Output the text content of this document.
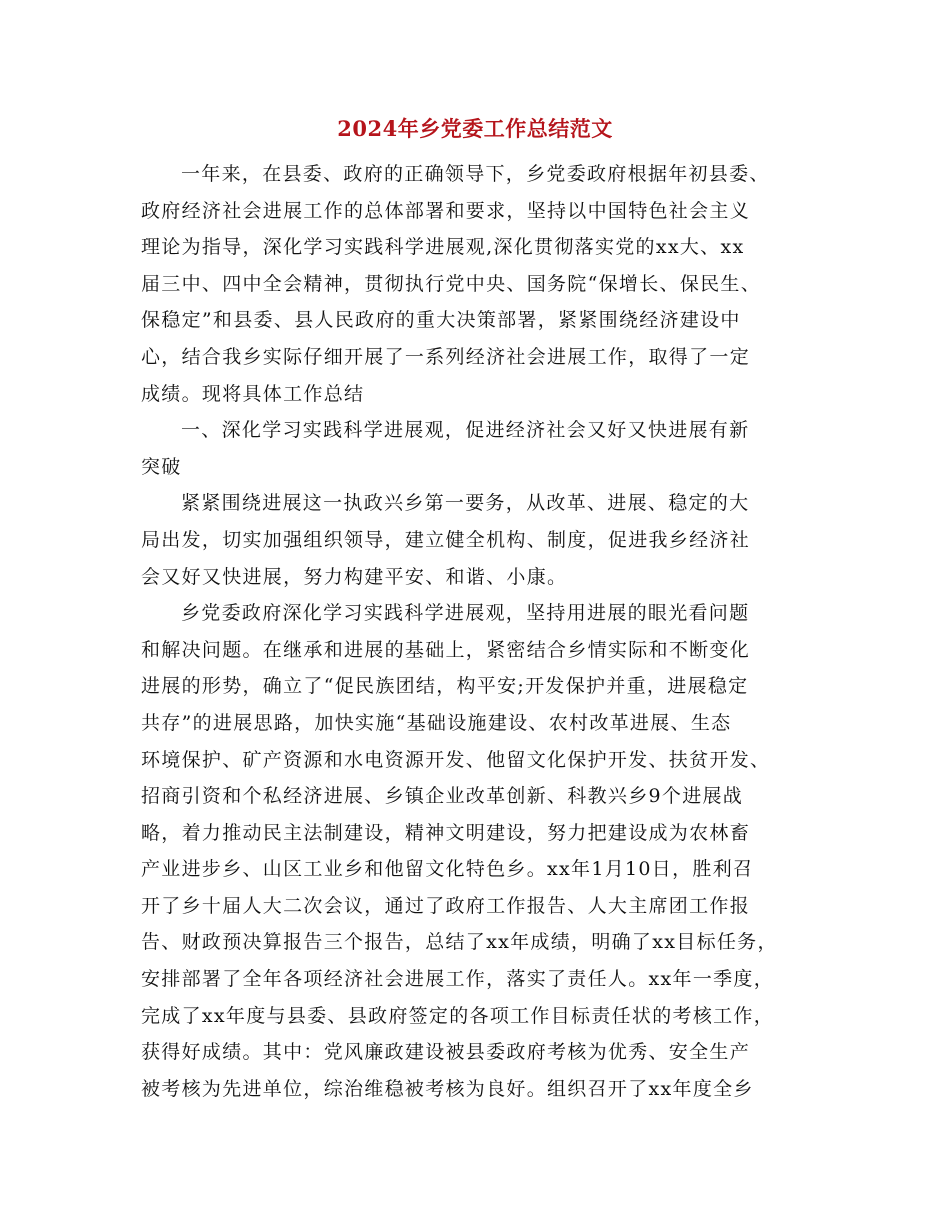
2024年乡党委工作总结范文
一年来，在县委、政府的正确领导下，乡党委政府根据年初县委、
政府经济社会进展工作的总体部署和要求，坚持以中国特色社会主义
理论为指导，深化学习实践科学进展观,深化贯彻落实党的xx大、xx
届三中、四中全会精神，贯彻执行党中央、国务院“保增长、保民生、
保稳定”和县委、县人民政府的重大决策部署，紧紧围绕经济建设中
心，结合我乡实际仔细开展了一系列经济社会进展工作，取得了一定
成绩。现将具体工作总结
一、深化学习实践科学进展观，促进经济社会又好又快进展有新
突破
紧紧围绕进展这一执政兴乡第一要务，从改革、进展、稳定的大
局出发，切实加强组织领导，建立健全机构、制度，促进我乡经济社
会又好又快进展，努力构建平安、和谐、小康。
乡党委政府深化学习实践科学进展观，坚持用进展的眼光看问题
和解决问题。在继承和进展的基础上，紧密结合乡情实际和不断变化
进展的形势，确立了“促民族团结，构平安;开发保护并重，进展稳定
共存”的进展思路，加快实施“基础设施建设、农村改革进展、生态
环境保护、矿产资源和水电资源开发、他留文化保护开发、扶贫开发、
招商引资和个私经济进展、乡镇企业改革创新、科教兴乡9个进展战
略，着力推动民主法制建设，精神文明建设，努力把建设成为农林畜
产业进步乡、山区工业乡和他留文化特色乡。xx年1月10日，胜利召
开了乡十届人大二次会议，通过了政府工作报告、人大主席团工作报
告、财政预决算报告三个报告，总结了xx年成绩，明确了xx目标任务，
安排部署了全年各项经济社会进展工作，落实了责任人。xx年一季度，
完成了xx年度与县委、县政府签定的各项工作目标责任状的考核工作，
获得好成绩。其中：党风廉政建设被县委政府考核为优秀、安全生产
被考核为先进单位，综治维稳被考核为良好。组织召开了xx年度全乡
